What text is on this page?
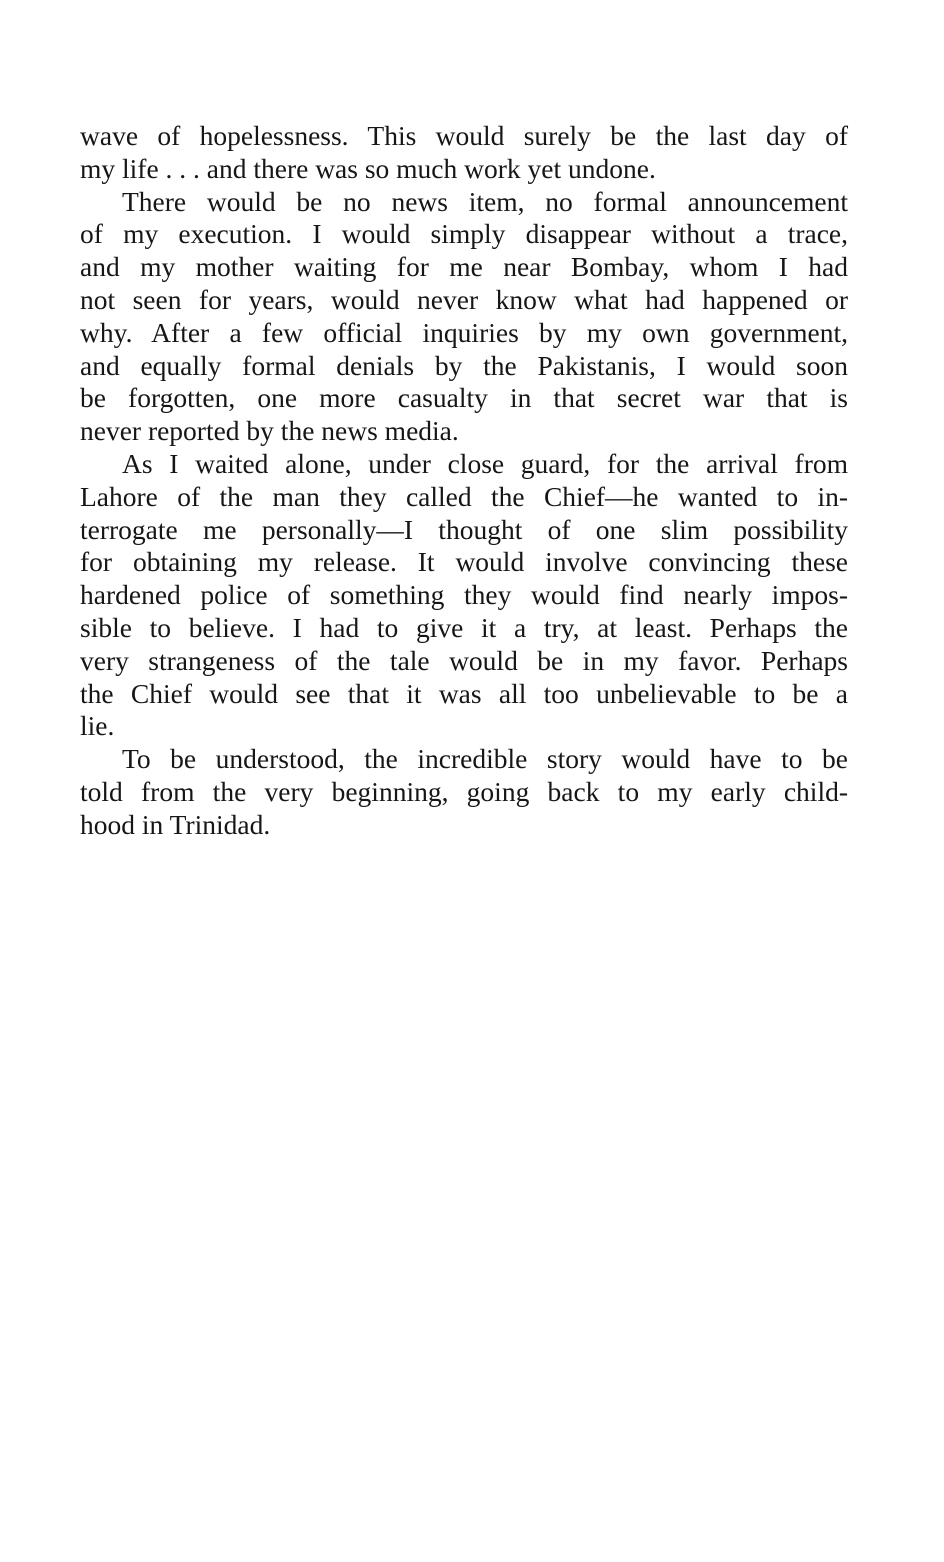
wave of hopelessness. This would surely be the last day of
my life . . . and there was so much work yet undone.
There would be no news item, no formal announcement
of my execution. I would simply disappear without a trace,
and my mother waiting for me near Bombay, whom I had
not seen for years, would never know what had happened or
why. After a few official inquiries by my own government,
and equally formal denials by the Pakistanis, I would soon
be forgotten, one more casualty in that secret war that is
never reported by the news media.
As I waited alone, under close guard, for the arrival from
Lahore of the man they called the Chief—he wanted to in-
terrogate me personally—I thought of one slim possibility
for obtaining my release. It would involve convincing these
hardened police of something they would find nearly impos-
sible to believe. I had to give it a try, at least. Perhaps the
very strangeness of the tale would be in my favor. Perhaps
the Chief would see that it was all too unbelievable to be a
lie.
To be understood, the incredible story would have to be
told from the very beginning, going back to my early child-
hood in Trinidad.
